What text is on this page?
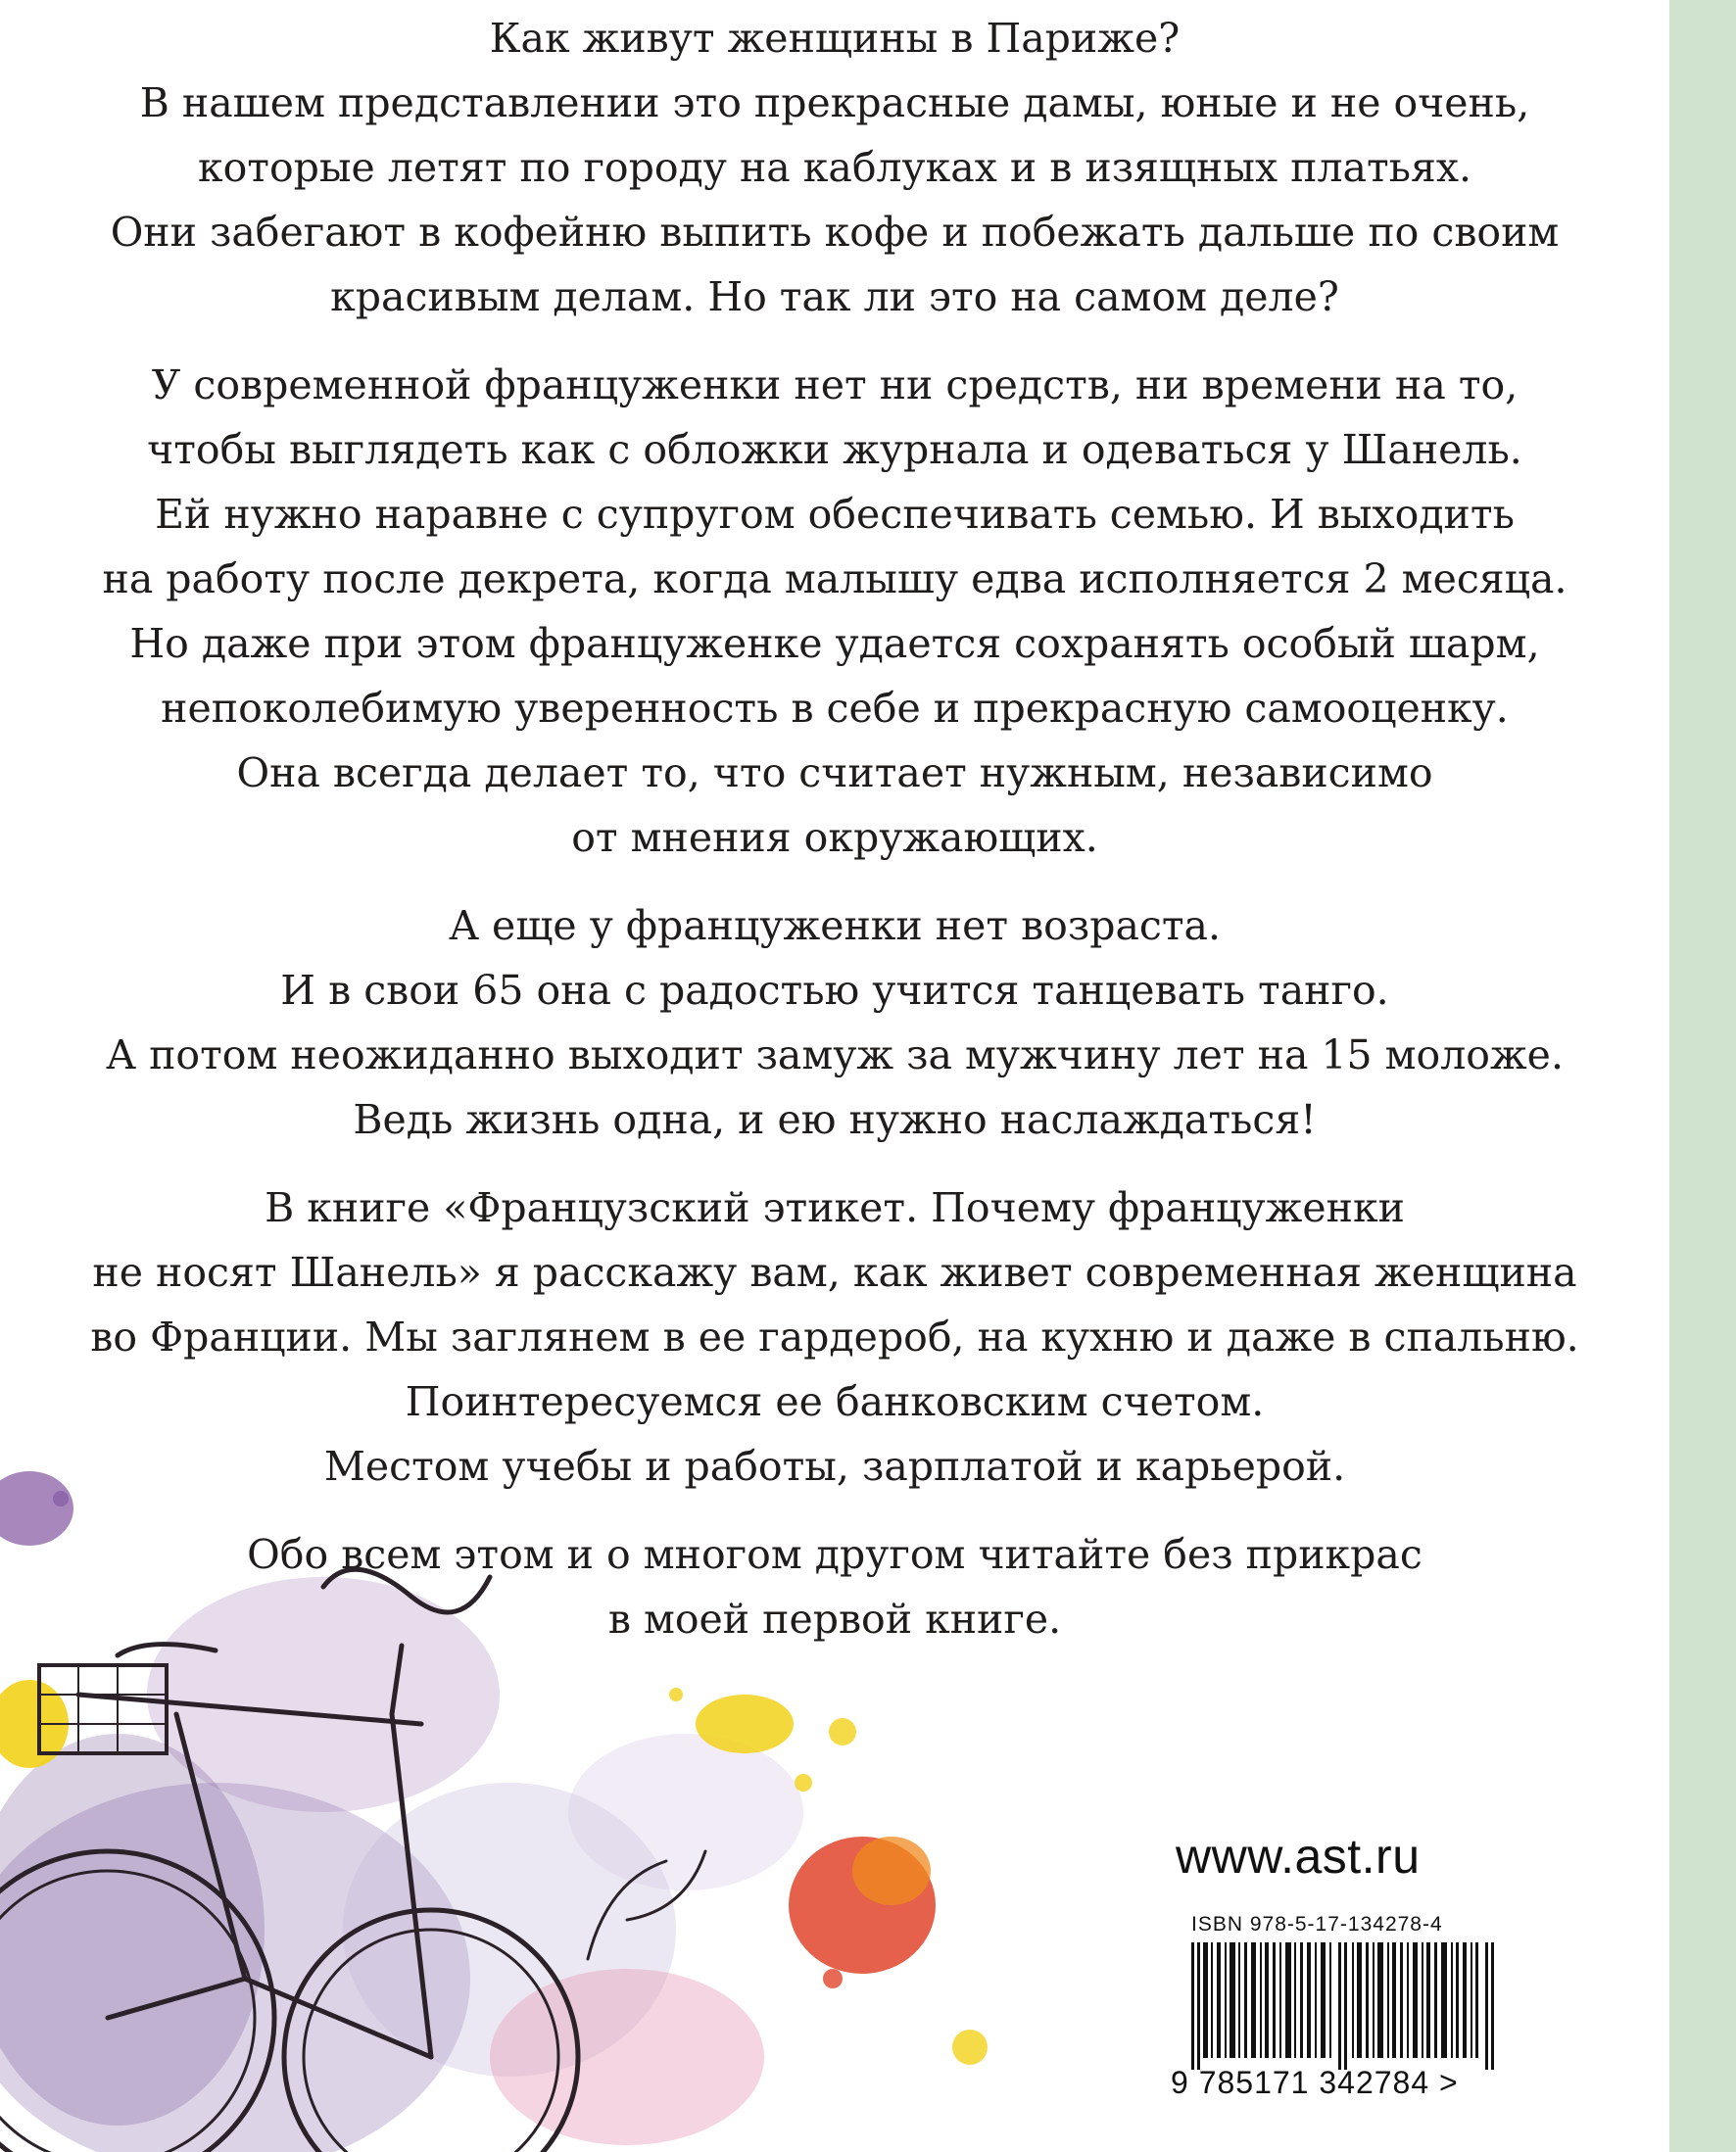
Как живут женщины в Париже?
В нашем представлении это прекрасные дамы, юные и не очень,
которые летят по городу на каблуках и в изящных платьях.
Они забегают в кофейню выпить кофе и побежать дальше по своим
красивым делам. Но так ли это на самом деле?

У современной француженки нет ни средств, ни времени на то,
чтобы выглядеть как с обложки журнала и одеваться у Шанель.
Ей нужно наравне с супругом обеспечивать семью. И выходить
на работу после декрета, когда малышу едва исполняется 2 месяца.
Но даже при этом француженке удается сохранять особый шарм,
непоколебимую уверенность в себе и прекрасную самооценку.
Она всегда делает то, что считает нужным, независимо
от мнения окружающих.

А еще у француженки нет возраста.
И в свои 65 она с радостью учится танцевать танго.
А потом неожиданно выходит замуж за мужчину лет на 15 моложе.
Ведь жизнь одна, и ею нужно наслаждаться!

В книге «Французский этикет. Почему француженки
не носят Шанель» я расскажу вам, как живет современная женщина
во Франции. Мы заглянем в ее гардероб, на кухню и даже в спальню.
Поинтересуемся ее банковским счетом.
Местом учебы и работы, зарплатой и карьерой.

Обо всем этом и о многом другом читайте без прикрас
в моей первой книге.

www.ast.ru
ISBN 978-5-17-134278-4
9 785171 342784 >
